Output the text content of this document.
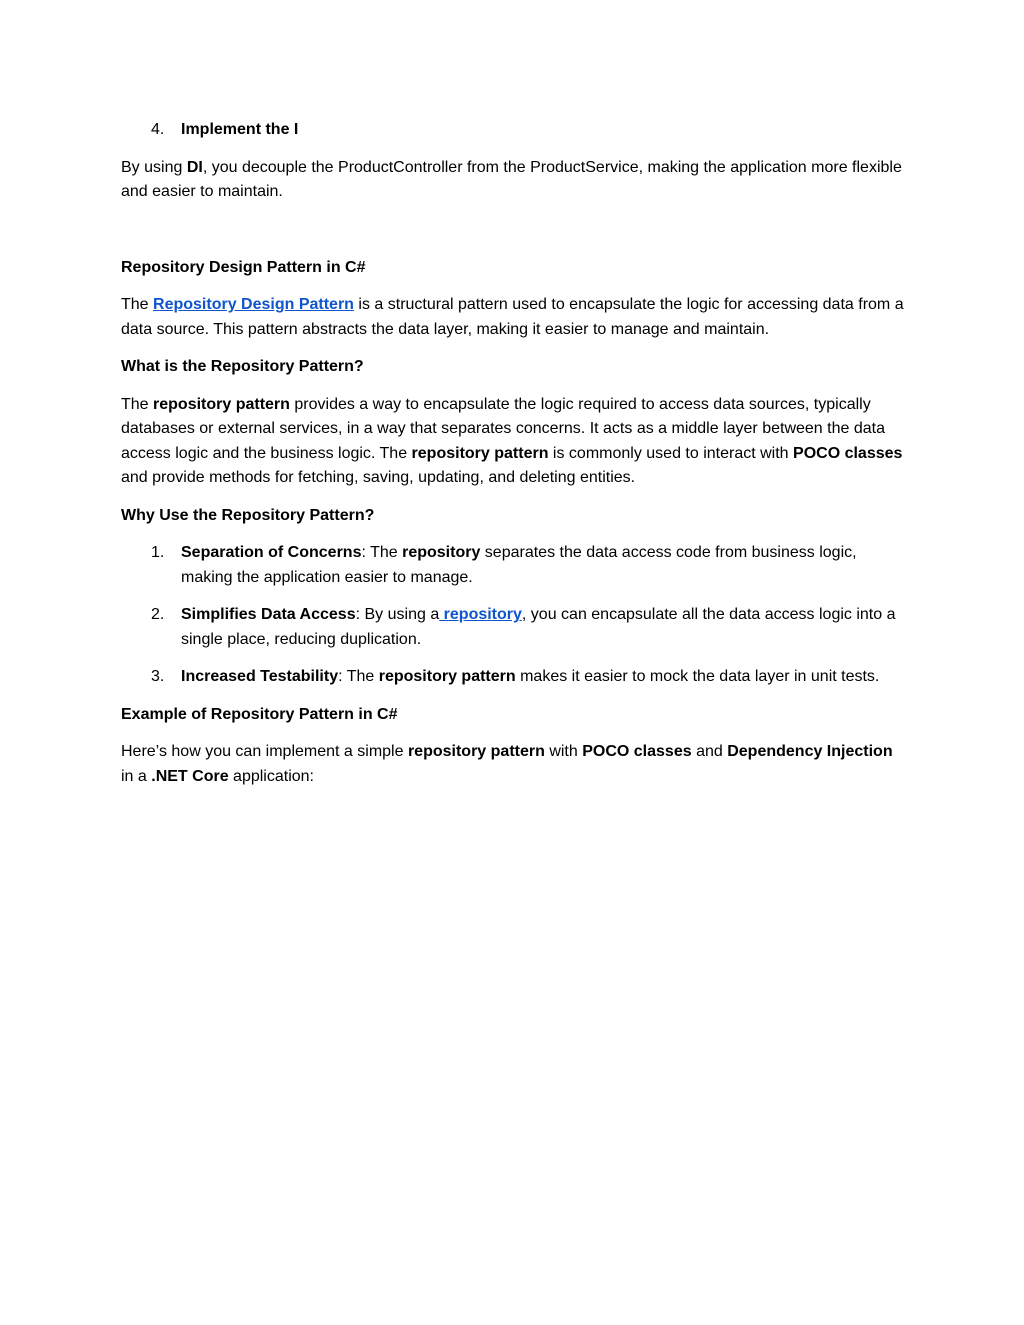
4. Implement the I

By using DI, you decouple the ProductController from the ProductService, making the application more flexible and easier to maintain.

Repository Design Pattern in C#

The Repository Design Pattern is a structural pattern used to encapsulate the logic for accessing data from a data source. This pattern abstracts the data layer, making it easier to manage and maintain.

What is the Repository Pattern?

The repository pattern provides a way to encapsulate the logic required to access data sources, typically databases or external services, in a way that separates concerns. It acts as a middle layer between the data access logic and the business logic. The repository pattern is commonly used to interact with POCO classes and provide methods for fetching, saving, updating, and deleting entities.

Why Use the Repository Pattern?

1. Separation of Concerns: The repository separates the data access code from business logic, making the application easier to manage.
2. Simplifies Data Access: By using a repository, you can encapsulate all the data access logic into a single place, reducing duplication.
3. Increased Testability: The repository pattern makes it easier to mock the data layer in unit tests.

Example of Repository Pattern in C#

Here’s how you can implement a simple repository pattern with POCO classes and Dependency Injection in a .NET Core application:
